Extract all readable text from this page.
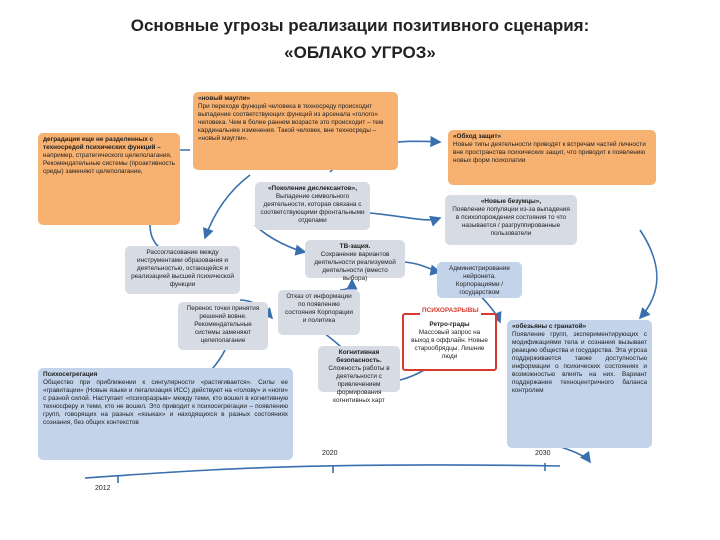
Основные угрозы реализации позитивного сценария:
«ОБЛАКО УГРОЗ»
«новый маугли»
При переходе функций человека в техносреду происходит выпадение соответствующих функций из арсенала «голого» человека. Чем в более раннем возрасте это происходит – тем кардинальнее изменения. Такой человек, вне техносреды – «новый маугли».
деградация еще не разделенных с техносредой психических функций –
например, стратегического целеполагания, Рекомендательные системы (проактивность среды) заменяют целеполагание,
«Обход защит»
Новые типы деятельности приводят к встречам частей личности вне пространства психических защит, что приводит к появлению новых форм психопатии
«Поколение дислексантов»,
Выпадение символьного деятельности, которая связана с соответствующими фронтальными отделами
«Новые безумцы»,
Появление популяции из-за выпадения в психопорождения состояния то что называется / разгруппированные пользователи
Рассогласование между инструментами образования и деятельностью, остающейся и реализацией высшей психической функции
ТВ-зация.
Сохранение вариантов деятельности реализуемой деятельности (вместо выбора)
Администрирование нейронета. Корпорациями / государством
Отказ от информации по появлению состояния Корпорации и политика
Перенос точки принятия решений вовне. Рекомендательные системы заменяют целеполагание
Ретро-грады
Массовый запрос на выход в оффлайн. Новые старообрядцы. Лишние люди
ПСИХОРАЗРЫВЫ
«обезьяны с гранатой»
Появление групп, экспериментирующих с модификациями тела и сознания вызывает реакцию общества и государства. Эта угроза поддерживается также доступностью информации о психических состояниях и возможностью влиять на них. Вариант поддержания техноцентричного баланса контролем
Когнитивная безопасность.
Сложность работы в деятельности с привлечением формирования когнитивных карт
Психосегрегация
Общество при приближении к сингулярности «растягивается». Силы ее «гравитации» (Новые языки и легализация ИСС) действуют на «голову» и «ноги» с разной силой. Наступает «психоразрыв» между теми, кто вошел в когнитивную техносферу и теми, кто не вошел. Это приводит к психосегрегации – появлению групп, говорящих на разных «языках» и находящихся в разных состояниях сознания, без общих контекстов
2012
2020	2030
